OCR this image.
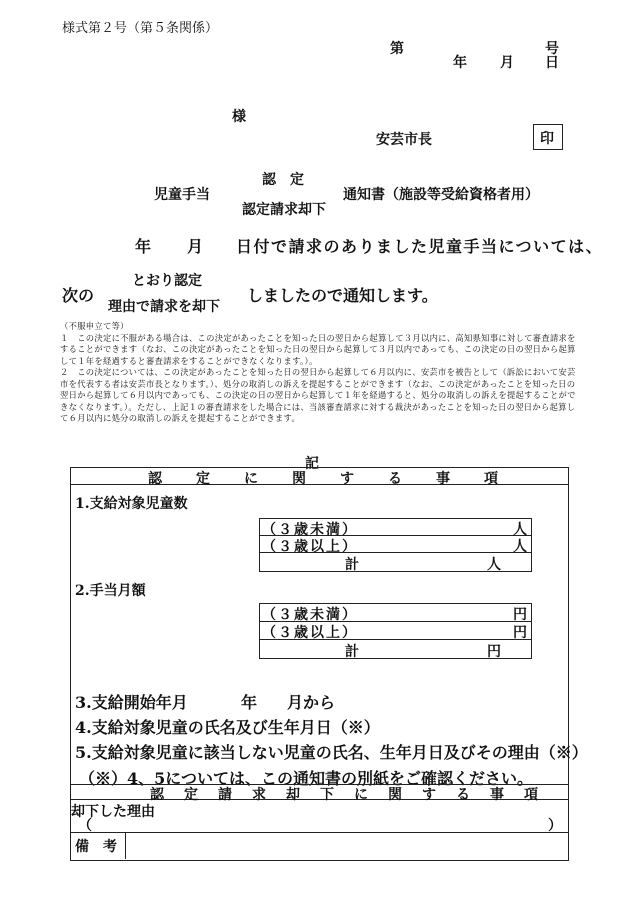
様式第２号（第５条関係）
第	号
年 月 日
様
安芸市長	印
認　定
児童手当	通知書（施設等受給資格者用）
認定請求却下
年 月 日付で請求のありました児童手当については、
とおり認定
次の	しましたので通知します。
理由で請求を却下

（不服申立て等）

１　この決定に不服がある場合は、この決定があったことを知った日の翌日から起算して３月以内に、高知県知事に対して審査請求をすることができます（なお、この決定があったことを知った日の翌日から起算して３月以内であっても、この決定の日の翌日から起算して１年を経過すると審査請求をすることができなくなります。）。

２　この決定については、この決定があったことを知った日の翌日から起算して６月以内に、安芸市を被告として（訴訟において安芸市を代表する者は安芸市長となります。）、処分の取消しの訴えを提起することができます（なお、この決定があったことを知った日の翌日から起算して６月以内であっても、この決定の日の翌日から起算して１年を経過すると、処分の取消しの訴えを提起することができなくなります。）。ただし、上記１の審査請求をした場合には、当該審査請求に対する裁決があったことを知った日の翌日から起算して６月以内に処分の取消しの訴えを提起することができます。

記
認定に関する事項
1.支給対象児童数
（３歳未満）	人
（３歳以上）	人
計	人
2.手当月額
（３歳未満）	円
（３歳以上）	円
計	円
3.支給開始年月	年 月から
4.支給対象児童の氏名及び生年月日（※）
5.支給対象児童に該当しない児童の氏名、生年月日及びその理由（※）
（※）4、5については、この通知書の別紙をご確認ください。
認定請求却下に関する事項
却下した理由
（	）
備　考
